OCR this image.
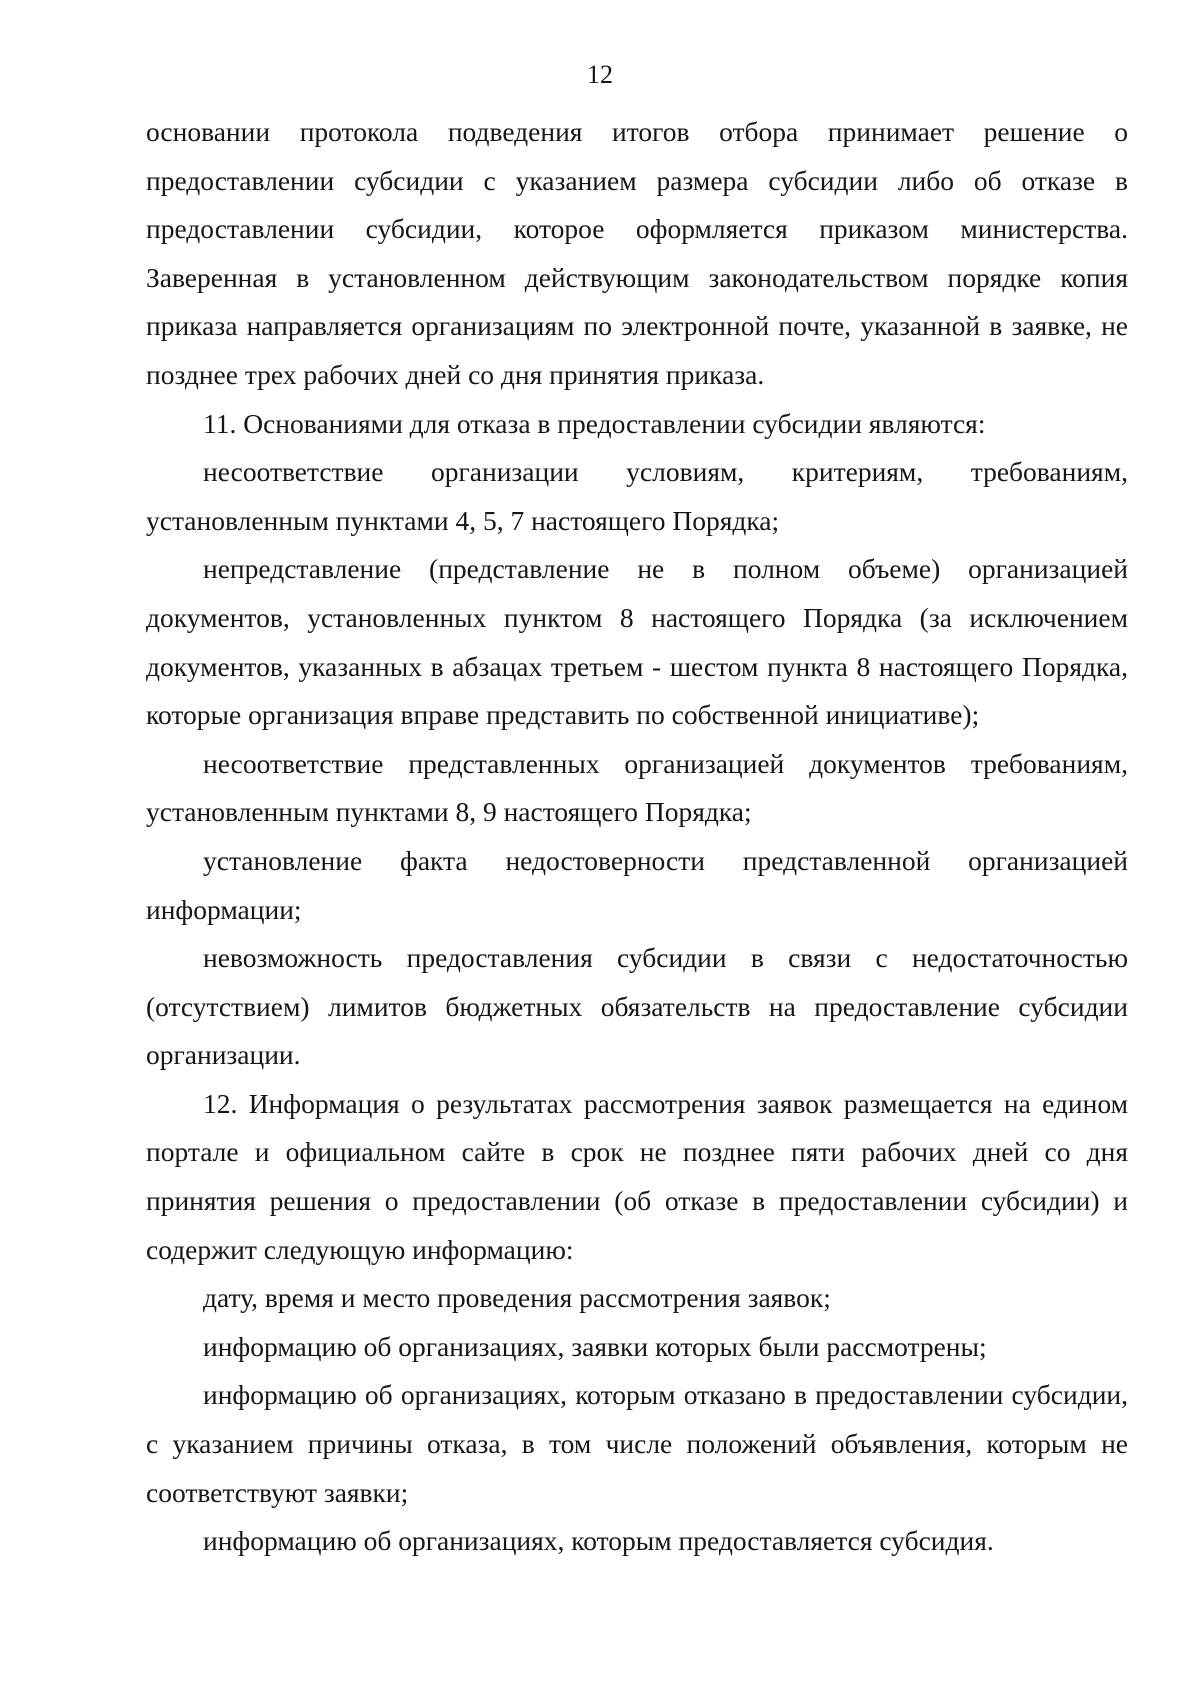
12

основании протокола подведения итогов отбора принимает решение о предоставлении субсидии с указанием размера субсидии либо об отказе в предоставлении субсидии, которое оформляется приказом министерства. Заверенная в установленном действующим законодательством порядке копия приказа направляется организациям по электронной почте, указанной в заявке, не позднее трех рабочих дней со дня принятия приказа.

11. Основаниями для отказа в предоставлении субсидии являются:

несоответствие организации условиям, критериям, требованиям, установленным пунктами 4, 5, 7 настоящего Порядка;

непредставление (представление не в полном объеме) организацией документов, установленных пунктом 8 настоящего Порядка (за исключением документов, указанных в абзацах третьем - шестом пункта 8 настоящего Порядка, которые организация вправе представить по собственной инициативе);

несоответствие представленных организацией документов требованиям, установленным пунктами 8, 9 настоящего Порядка;

установление факта недостоверности представленной организацией информации;

невозможность предоставления субсидии в связи с недостаточностью (отсутствием) лимитов бюджетных обязательств на предоставление субсидии организации.

12. Информация о результатах рассмотрения заявок размещается на едином портале и официальном сайте в срок не позднее пяти рабочих дней со дня принятия решения о предоставлении (об отказе в предоставлении субсидии) и содержит следующую информацию:

дату, время и место проведения рассмотрения заявок;

информацию об организациях, заявки которых были рассмотрены;

информацию об организациях, которым отказано в предоставлении субсидии, с указанием причины отказа, в том числе положений объявления, которым не соответствуют заявки;

информацию об организациях, которым предоставляется субсидия.
